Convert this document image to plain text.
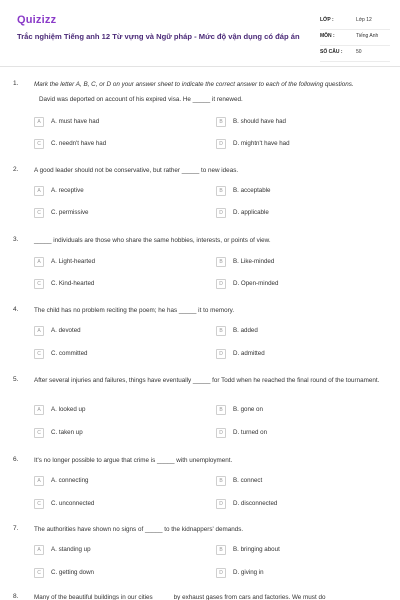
Quizizz
Trắc nghiệm Tiếng anh 12 Từ vựng và Ngữ pháp - Mức độ vận dụng có đáp án
LỚP :	Lớp 12
MÔN :	Tiếng Anh
SỐ CÂU :	50
1. Mark the letter A, B, C, or D on your answer sheet to indicate the correct answer to each of the following questions.
David was deported on account of his expired visa. He _____ it renewed.
A	A. must have had	B	B. should have had
C	C. needn't have had	D	D. mightn't have had
2. A good leader should not be conservative, but rather _____ to new ideas.
A	A. receptive	B	B. acceptable
C	C. permissive	D	D. applicable
3. _____ individuals are those who share the same hobbies, interests, or points of view.
A	A. Light-hearted	B	B. Like-minded
C	C. Kind-hearted	D	D. Open-minded
4. The child has no problem reciting the poem; he has _____ it to memory.
A	A. devoted	B	B. added
C	C. committed	D	D. admitted
5. After several injuries and failures, things have eventually _____ for Todd when he reached the final round of the tournament.
A	A. looked up	B	B. gone on
C	C. taken up	D	D. turned on
6. It's no longer possible to argue that crime is _____ with unemployment.
A	A. connecting	B	B. connect
C	C. unconnected	D	D. disconnected
7. The authorities have shown no signs of _____ to the kidnappers' demands.
A	A. standing up	B	B. bringing about
C	C. getting down	D	D. giving in
8. Many of the beautiful buildings in our cities _____ by exhaust gases from cars and factories. We must do
